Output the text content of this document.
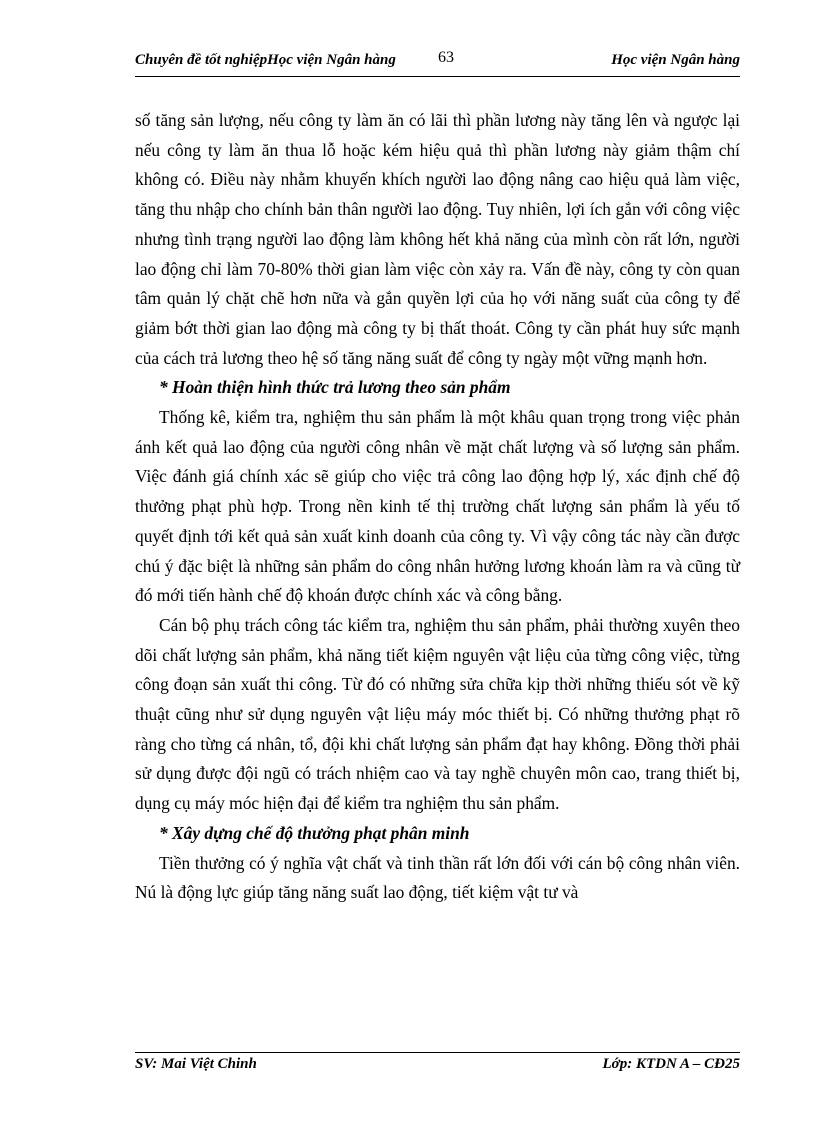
Chuyên đề tốt nghiệpHọc viện Ngân hàng	63	Học viện Ngân hàng

số tăng sản lượng, nếu công ty làm ăn có lãi thì phần lương này tăng lên và ngược lại nếu công ty làm ăn thua lỗ hoặc kém hiệu quả thì phần lương này giảm thậm chí không có. Điều này nhằm khuyến khích người lao động nâng cao hiệu quả làm việc, tăng thu nhập cho chính bản thân người lao động. Tuy nhiên, lợi ích gắn với công việc nhưng tình trạng người lao động làm không hết khả năng của mình còn rất lớn, người lao động chỉ làm 70-80% thời gian làm việc còn xảy ra. Vấn đề này, công ty còn quan tâm quản lý chặt chẽ hơn nữa và gắn quyền lợi của họ với năng suất của công ty để giảm bớt thời gian lao động mà công ty bị thất thoát. Công ty cần phát huy sức mạnh của cách trả lương theo hệ số tăng năng suất để công ty ngày một vững mạnh hơn.

* Hoàn thiện hình thức trả lương theo sản phẩm

Thống kê, kiểm tra, nghiệm thu sản phẩm là một khâu quan trọng trong việc phản ánh kết quả lao động của người công nhân về mặt chất lượng và số lượng sản phẩm. Việc đánh giá chính xác sẽ giúp cho việc trả công lao động hợp lý, xác định chế độ thưởng phạt phù hợp. Trong nền kinh tế thị trường chất lượng sản phẩm là yếu tố quyết định tới kết quả sản xuất kinh doanh của công ty. Vì vậy công tác này cần được chú ý đặc biệt là những sản phẩm do công nhân hưởng lương khoán làm ra và cũng từ đó mới tiến hành chế độ khoán được chính xác và công bằng.

Cán bộ phụ trách công tác kiểm tra, nghiệm thu sản phẩm, phải thường xuyên theo dõi chất lượng sản phẩm, khả năng tiết kiệm nguyên vật liệu của từng công việc, từng công đoạn sản xuất thi công. Từ đó có những sửa chữa kịp thời những thiếu sót về kỹ thuật cũng như sử dụng nguyên vật liệu máy móc thiết bị. Có những thưởng phạt rõ ràng cho từng cá nhân, tổ, đội khi chất lượng sản phẩm đạt hay không. Đồng thời phải sử dụng được đội ngũ có trách nhiệm cao và tay nghề chuyên môn cao, trang thiết bị, dụng cụ máy móc hiện đại để kiểm tra nghiệm thu sản phẩm.

* Xây dựng chế độ thưởng phạt phân minh

Tiền thưởng có ý nghĩa vật chất và tinh thần rất lớn đối với cán bộ công nhân viên. Nú là động lực giúp tăng năng suất lao động, tiết kiệm vật tư và

SV: Mai Việt Chinh	Lớp: KTDN A – CĐ25
